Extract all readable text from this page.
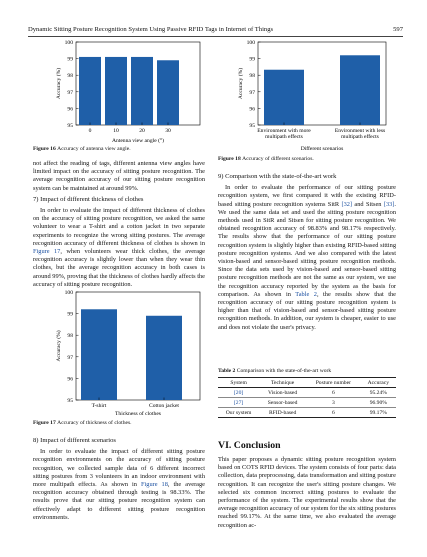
Dynamic Sitting Posture Recognition System Using Passive RFID Tags in Internet of Things	597
95
96
97
98
99
100
Accuracy (%)
0	10	20	30
Antenna view angle (°)
Figure 16 Accuracy of antenna view angle.
95
96
97
98
99
100
Accuracy (%)
Environment with more
multipath effects
Environment with less
multipath effects
Different scenarios
Figure 18 Accuracy of different scenarios.

not affect the reading of tags, different antenna view angles have limited impact on the accuracy of sitting posture recognition. The average recognition accuracy of our sitting posture recognition system can be maintained at around 99%.

7) Impact of different thickness of clothes

In order to evaluate the impact of different thickness of clothes on the accuracy of sitting posture recognition, we asked the same volunteer to wear a T-shirt and a cotton jacket in two separate experiments to recognize the wrong sitting postures. The average recognition accuracy of different thickness of clothes is shown in Figure 17, when volunteers wear thick clothes, the average recognition accuracy is slightly lower than when they wear thin clothes, but the average recognition accuracy in both cases is around 99%, proving that the thickness of clothes hardly affects the accuracy of sitting posture recognition.

95
96
97
98
99
100
Accuracy (%)
T-shirt	Cotton jacket
Thickness of clothes
Figure 17 Accuracy of thickness of clothes.
8) Impact of different scenarios

In order to evaluate the impact of different sitting posture recognition environments on the accuracy of sitting posture recognition, we collected sample data of 6 different incorrect sitting postures from 3 volunteers in an indoor environment with more multipath effects. As shown in Figure 18, the average recognition accuracy obtained through testing is 98.33%. The results prove that our sitting posture recognition system can effectively adapt to different sitting posture recognition environments.

9) Comparison with the state-of-the-art work

In order to evaluate the performance of our sitting posture recognition system, we first compared it with the existing RFID-based sitting posture recognition systems SitR [32] and Sitsen [33]. We used the same data set and used the sitting posture recognition methods used in SitR and Sitsen for sitting posture recognition. We obtained recognition accuracy of 98.83% and 98.17% respectively. The results show that the performance of our sitting posture recognition system is slightly higher than existing RFID-based sitting posture recognition systems. And we also compared with the latest vision-based and sensor-based sitting posture recognition methods. Since the data sets used by vision-based and sensor-based sitting posture recognition methods are not the same as our system, we use the recognition accuracy reported by the system as the basis for comparison. As shown in Table 2, the results show that the recognition accuracy of our sitting posture recognition system is higher than that of vision-based and sensor-based sitting posture recognition methods. In addition, our system is cheaper, easier to use and does not violate the user's privacy.

Table 2 Comparison with the state-of-the-art work
System	Technique	Posture number	Accuracy
[20]	Vision-based	6	95.24%
[27]	Sensor-based	3	96.90%
Our system	RFID-based	6	99.17%
VI. Conclusion

This paper proposes a dynamic sitting posture recognition system based on COTS RFID devices. The system consists of four parts: data collection, data preprocessing, data transformation and sitting posture recognition. It can recognize the user's sitting posture changes. We selected six common incorrect sitting postures to evaluate the performance of the system. The experimental results show that the average recognition accuracy of our system for the six sitting postures reached 99.17%. At the same time, we also evaluated the average recognition ac-
